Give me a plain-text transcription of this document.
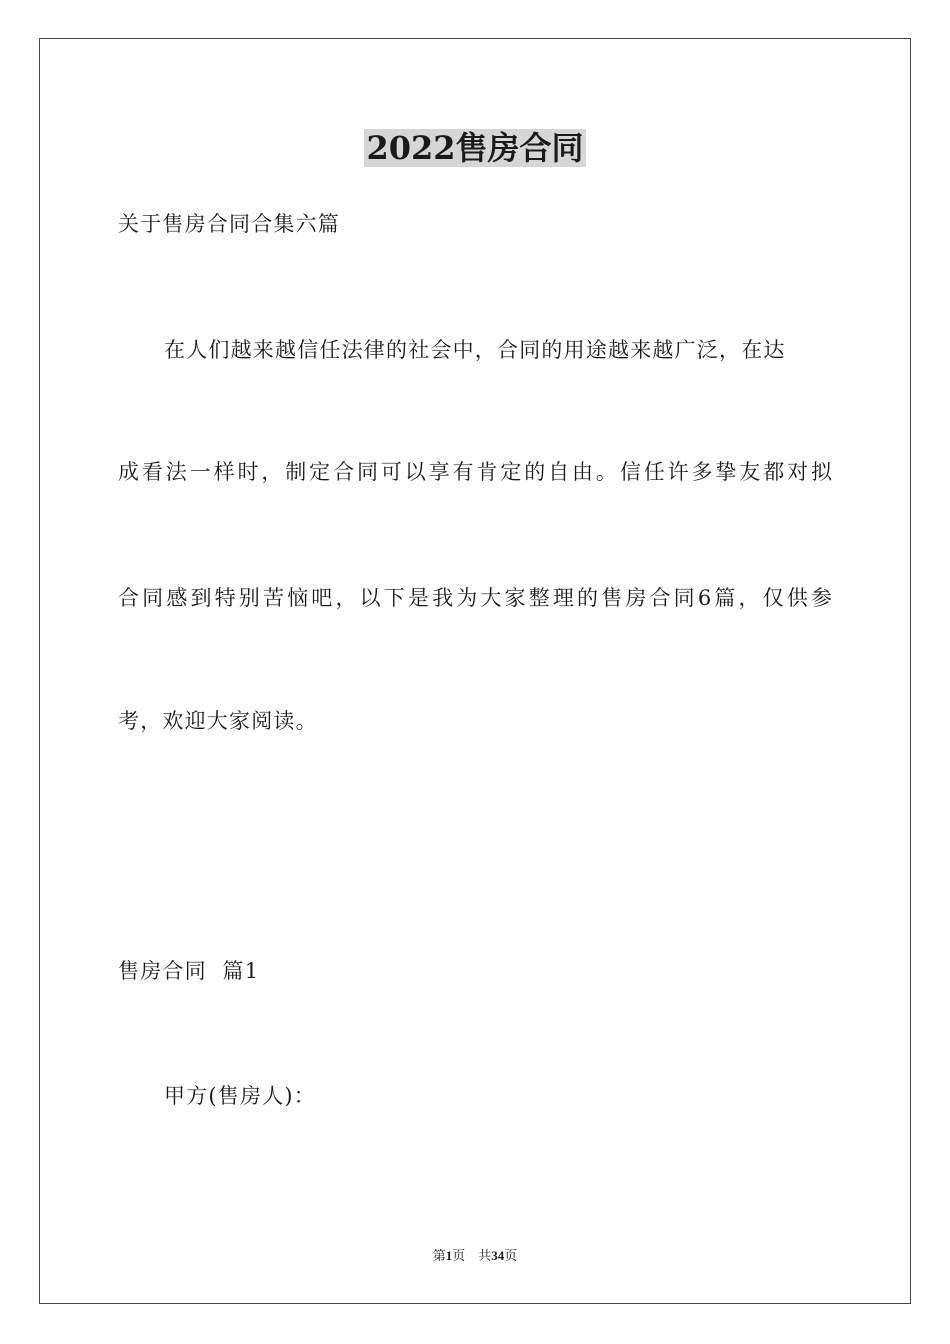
2022售房合同
关于售房合同合集六篇
在人们越来越信任法律的社会中，合同的用途越来越广泛，在达
成看法一样时，制定合同可以享有肯定的自由。信任许多挚友都对拟
合同感到特别苦恼吧，以下是我为大家整理的售房合同6篇，仅供参
考，欢迎大家阅读。
售房合同  篇1
甲方(售房人)：
第1页 共34页
